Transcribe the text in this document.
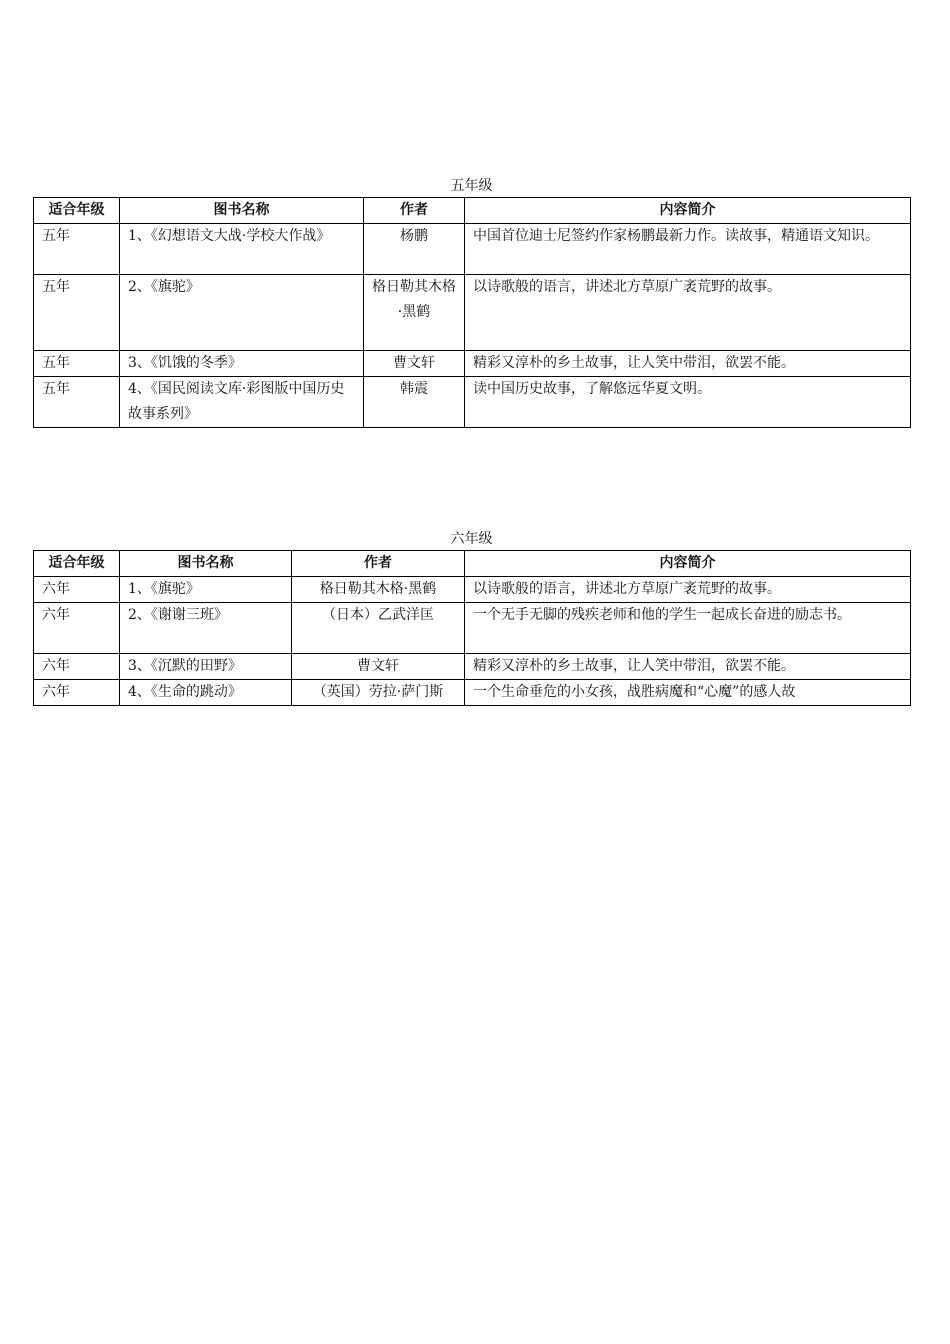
五年级
适合年级	图书名称	作者	内容简介
五年	1、《幻想语文大战·学校大作战》	杨鹏	中国首位迪士尼签约作家杨鹏最新力作。读故事，精通语文知识。
五年	2、《旗驼》	格日勒其木格·黑鹤	以诗歌般的语言，讲述北方草原广袤荒野的故事。
五年	3、《饥饿的冬季》	曹文轩	精彩又淳朴的乡土故事，让人笑中带泪，欲罢不能。
五年	4、《国民阅读文库·彩图版中国历史故事系列》	韩震	读中国历史故事，了解悠远华夏文明。
六年级
适合年级	图书名称	作者	内容简介
六年	1、《旗驼》	格日勒其木格·黑鹤	以诗歌般的语言，讲述北方草原广袤荒野的故事。
六年	2、《谢谢三班》	（日本）乙武洋匡	一个无手无脚的残疾老师和他的学生一起成长奋进的励志书。
六年	3、《沉默的田野》	曹文轩	精彩又淳朴的乡土故事，让人笑中带泪，欲罢不能。
六年	4、《生命的跳动》	（英国）劳拉·萨门斯	一个生命垂危的小女孩，战胜病魔和“心魔”的感人故
